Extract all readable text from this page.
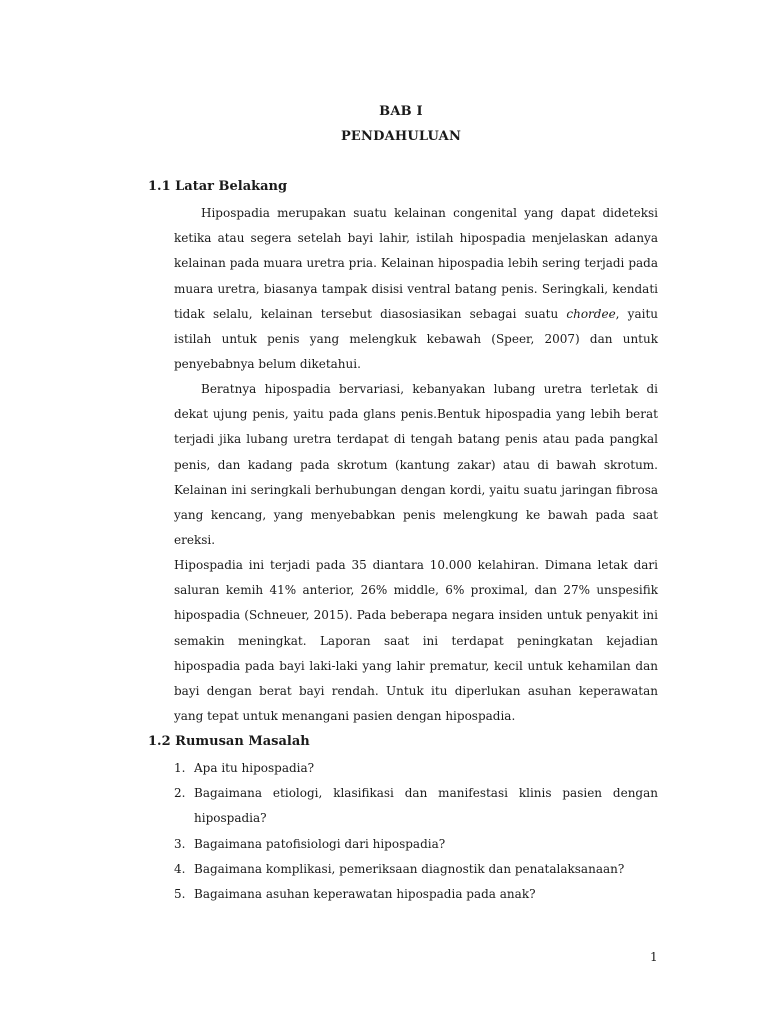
BAB I
PENDAHULUAN
1.1 Latar Belakang

Hipospadia merupakan suatu kelainan congenital yang dapat dideteksi ketika atau segera setelah bayi lahir, istilah hipospadia menjelaskan adanya kelainan pada muara uretra pria. Kelainan hipospadia lebih sering terjadi pada muara uretra, biasanya tampak disisi ventral batang penis. Seringkali, kendati tidak selalu, kelainan tersebut diasosiasikan sebagai suatu chordee, yaitu istilah untuk penis yang melengkuk kebawah (Speer, 2007) dan untuk penyebabnya belum diketahui.

Beratnya hipospadia bervariasi, kebanyakan lubang uretra terletak di dekat ujung penis, yaitu pada glans penis.Bentuk hipospadia yang lebih berat terjadi jika lubang uretra terdapat di tengah batang penis atau pada pangkal penis, dan kadang pada skrotum (kantung zakar) atau di bawah skrotum. Kelainan ini seringkali berhubungan dengan kordi, yaitu suatu jaringan fibrosa yang kencang, yang menyebabkan penis melengkung ke bawah pada saat ereksi.

Hipospadia ini terjadi pada 35 diantara 10.000 kelahiran. Dimana letak dari saluran kemih 41% anterior, 26% middle, 6% proximal, dan 27% unspesifik hipospadia (Schneuer, 2015). Pada beberapa negara insiden untuk penyakit ini semakin meningkat. Laporan saat ini terdapat peningkatan kejadian hipospadia pada bayi laki-laki yang lahir prematur, kecil untuk kehamilan dan bayi dengan berat bayi rendah. Untuk itu diperlukan asuhan keperawatan yang tepat untuk menangani pasien dengan hipospadia.

1.2 Rumusan Masalah
1. Apa itu hipospadia?
2. Bagaimana etiologi, klasifikasi dan manifestasi klinis pasien dengan hipospadia?
3. Bagaimana patofisiologi dari hipospadia?
4. Bagaimana komplikasi, pemeriksaan diagnostik dan penatalaksanaan?
5. Bagaimana asuhan keperawatan hipospadia pada anak?
1
